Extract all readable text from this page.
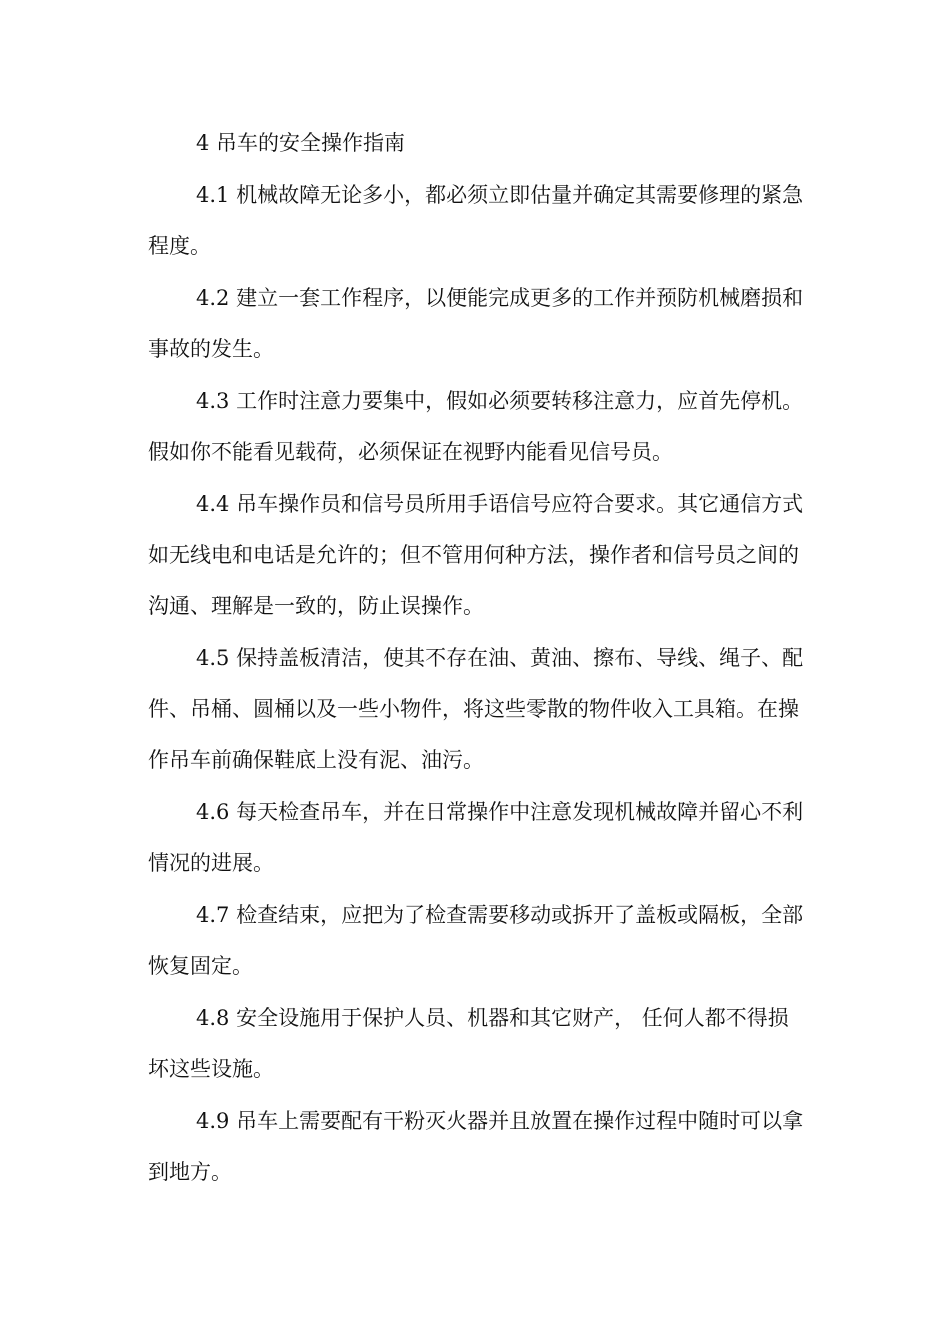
4 吊车的安全操作指南

4.1 机械故障无论多小，都必须立即估量并确定其需要修理的紧急程度。

4.2 建立一套工作程序，以便能完成更多的工作并预防机械磨损和事故的发生。

4.3 工作时注意力要集中，假如必须要转移注意力，应首先停机。假如你不能看见载荷，必须保证在视野内能看见信号员。

4.4 吊车操作员和信号员所用手语信号应符合要求。其它通信方式如无线电和电话是允许的；但不管用何种方法，操作者和信号员之间的沟通、理解是一致的，防止误操作。

4.5 保持盖板清洁，使其不存在油、黄油、擦布、导线、绳子、配件、吊桶、圆桶以及一些小物件，将这些零散的物件收入工具箱。在操作吊车前确保鞋底上没有泥、油污。

4.6 每天检查吊车，并在日常操作中注意发现机械故障并留心不利情况的进展。

4.7 检查结束，应把为了检查需要移动或拆开了盖板或隔板，全部恢复固定。

4.8 安全设施用于保护人员、机器和其它财产， 任何人都不得损坏这些设施。

4.9 吊车上需要配有干粉灭火器并且放置在操作过程中随时可以拿到地方。
